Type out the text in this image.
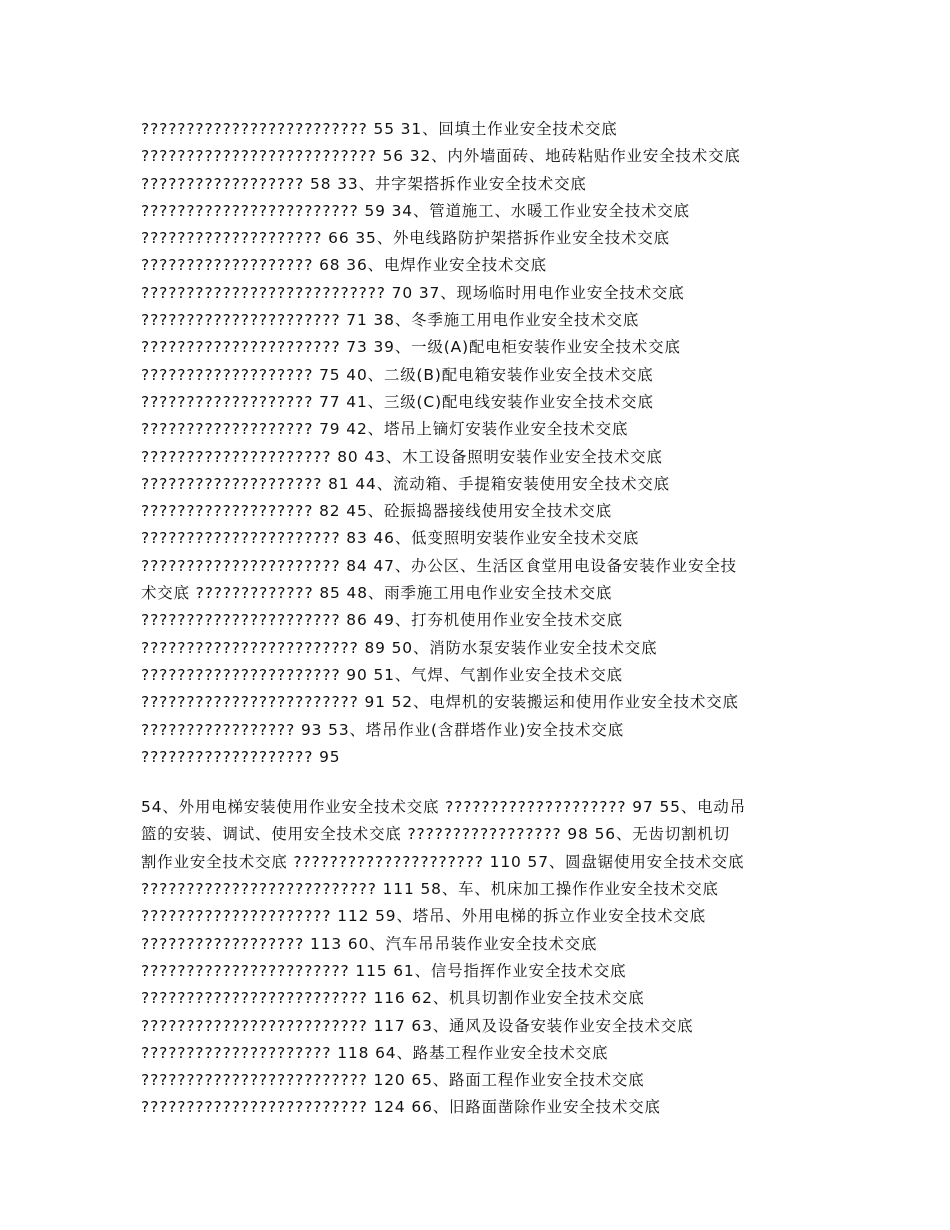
????????????????????????? 55 31、回填土作业安全技术交底
?????????????????????????? 56 32、内外墙面砖、地砖粘贴作业安全技术交底
?????????????????? 58 33、井字架搭拆作业安全技术交底
???????????????????????? 59 34、管道施工、水暖工作业安全技术交底
???????????????????? 66 35、外电线路防护架搭拆作业安全技术交底
??????????????????? 68 36、电焊作业安全技术交底
??????????????????????????? 70 37、现场临时用电作业安全技术交底
?????????????????????? 71 38、冬季施工用电作业安全技术交底
?????????????????????? 73 39、一级(A)配电柜安装作业安全技术交底
??????????????????? 75 40、二级(B)配电箱安装作业安全技术交底
??????????????????? 77 41、三级(C)配电线安装作业安全技术交底
??????????????????? 79 42、塔吊上镝灯安装作业安全技术交底
????????????????????? 80 43、木工设备照明安装作业安全技术交底
???????????????????? 81 44、流动箱、手提箱安装使用安全技术交底
??????????????????? 82 45、砼振捣器接线使用安全技术交底
?????????????????????? 83 46、低变照明安装作业安全技术交底
?????????????????????? 84 47、办公区、生活区食堂用电设备安装作业安全技
术交底 ????????????? 85 48、雨季施工用电作业安全技术交底
?????????????????????? 86 49、打夯机使用作业安全技术交底
???????????????????????? 89 50、消防水泵安装作业安全技术交底
?????????????????????? 90 51、气焊、气割作业安全技术交底
???????????????????????? 91 52、电焊机的安装搬运和使用作业安全技术交底
????????????????? 93 53、塔吊作业(含群塔作业)安全技术交底
??????????????????? 95
54、外用电梯安装使用作业安全技术交底 ???????????????????? 97 55、电动吊
篮的安装、调试、使用安全技术交底 ????????????????? 98 56、无齿切割机切
割作业安全技术交底 ????????????????????? 110 57、圆盘锯使用安全技术交底
?????????????????????????? 111 58、车、机床加工操作作业安全技术交底
????????????????????? 112 59、塔吊、外用电梯的拆立作业安全技术交底
?????????????????? 113 60、汽车吊吊装作业安全技术交底
??????????????????????? 115 61、信号指挥作业安全技术交底
????????????????????????? 116 62、机具切割作业安全技术交底
????????????????????????? 117 63、通风及设备安装作业安全技术交底
????????????????????? 118 64、路基工程作业安全技术交底
????????????????????????? 120 65、路面工程作业安全技术交底
????????????????????????? 124 66、旧路面凿除作业安全技术交底
